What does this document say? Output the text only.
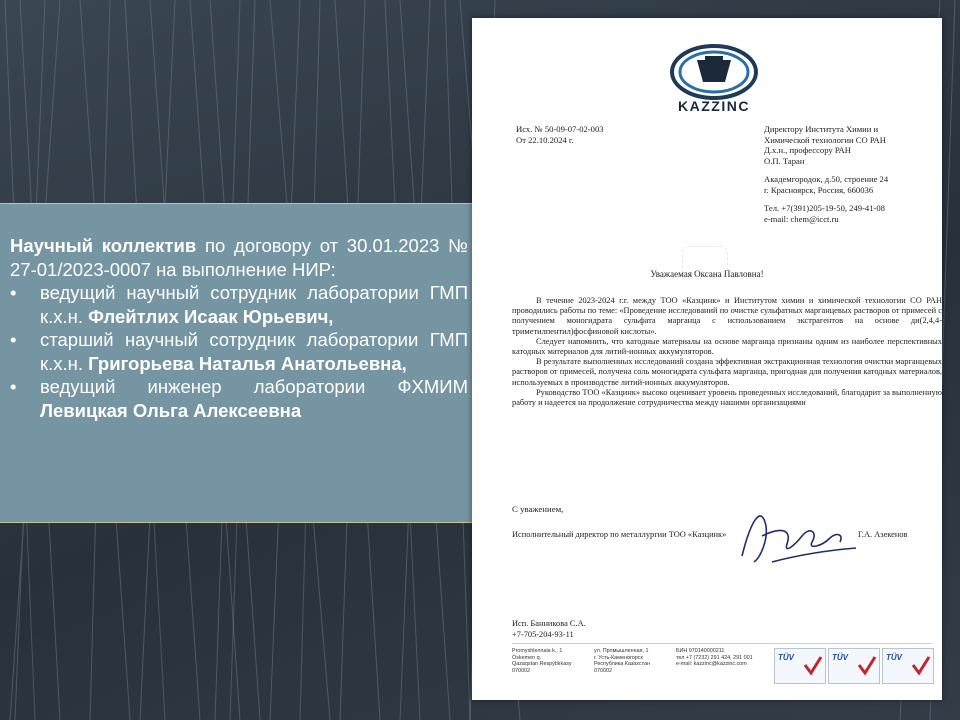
Научный коллектив по договору от 30.01.2023 № 27-01/2023-0007 на выполнение НИР:
• ведущий научный сотрудник лаборатории ГМП к.х.н. Флейтлих Исаак Юрьевич,
• старший научный сотрудник лаборатории ГМП к.х.н. Григорьева Наталья Анатольевна,
• ведущий инженер лаборатории ФХМИМ Левицкая Ольга Алексеевна
KAZZINC
Исх. № 50-09-07-02-003
От 22.10.2024 г.
Директору Института Химии и
Химической технологии СО РАН
Д.х.н., профессору РАН
О.П. Таран
Академгородок, д.50, строение 24
г. Красноярск, Россия, 660036
Тел. +7(391)205-19-50, 249-41-08
e-mail: chem@icct.ru
Уважаемая Оксана Павловна!

В течение 2023-2024 г.г. между ТОО «Казцинк» и Институтом химии и химической технологии СО РАН проводились работы по теме: «Проведение исследований по очистке сульфатных марганцевых растворов от примесей с получением моногидрата сульфата марганца с использованием экстрагентов на основе ди(2,4,4-триметилпентил)фосфиновой кислоты».

Следует напомнить, что катодные материалы на основе марганца признаны одним из наиболее перспективных катодных материалов для литий-ионных аккумуляторов.

В результате выполненных исследований создана эффективная экстракционная технология очистки марганцевых растворов от примесей, получена соль моногидрата сульфата марганца, пригодная для получения катодных материалов, используемых в производстве литий-ионных аккумуляторов.

Руководство ТОО «Казцинк» высоко оценивает уровень проведенных исследований, благодарит за выполненную работу и надеется на продолжение сотрудничества между нашими организациями

С уважением,
Исполнительный директор по металлургии ТОО «Казцинк»	Г.А. Азекенов
Исп. Банникова С.А.
+7-705-204-93-11
Promyshlennaia k., 1
Öskemen q.
Qazaqstan Respýblıkasy
070002
ул. Промышленная, 1
г. Усть-Каменогорск
Республика Казахстан
070002
БИН 970140000211
тел +7 (7232) 291 424, 291 001
e-mail: kazzinc@kazzinc.com
TÜV	TÜV	TÜV
